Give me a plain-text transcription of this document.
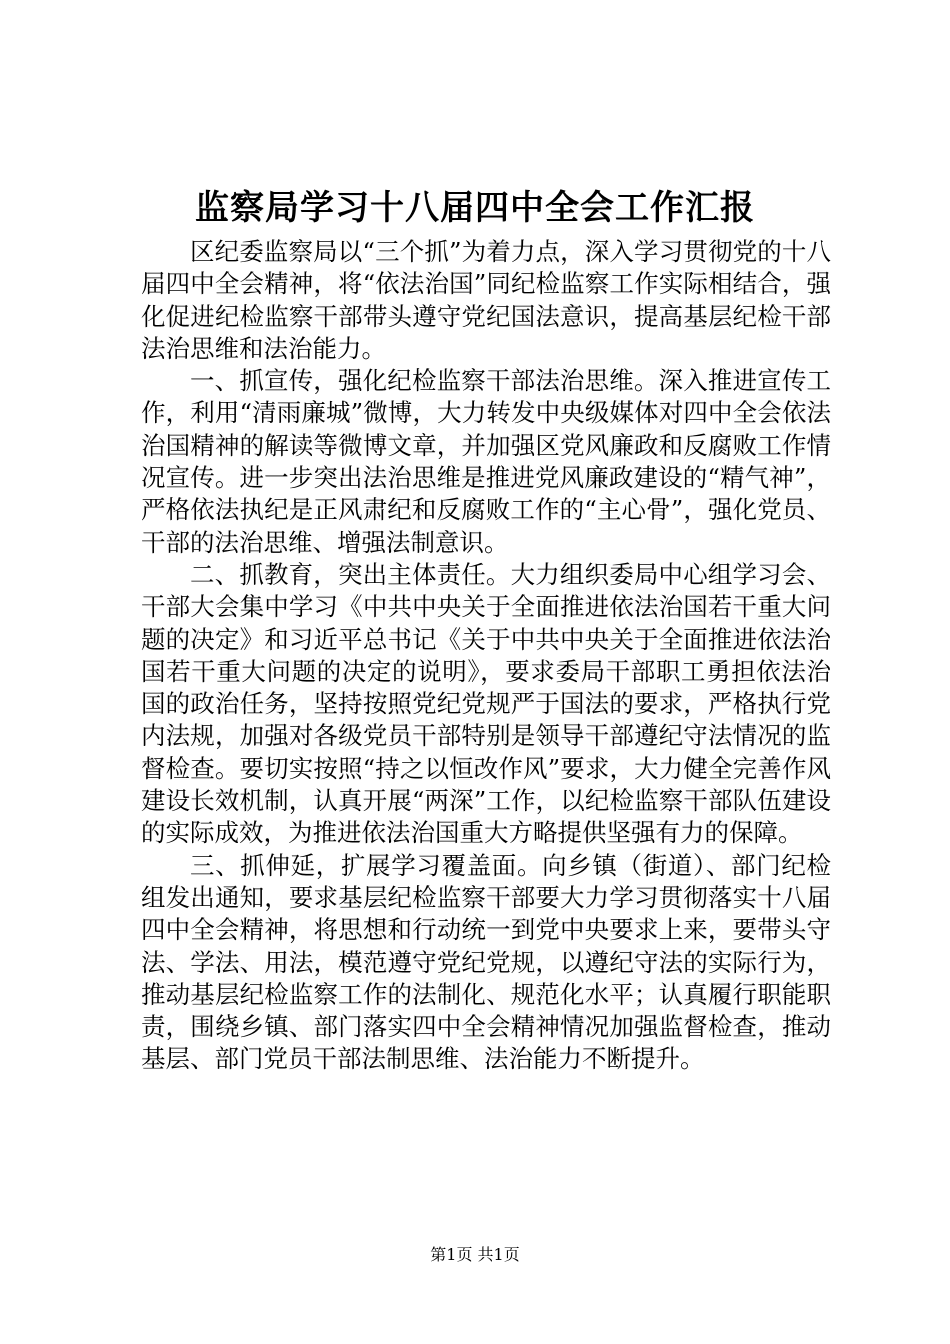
监察局学习十八届四中全会工作汇报

区纪委监察局以“三个抓”为着力点，深入学习贯彻党的十八届四中全会精神，将“依法治国”同纪检监察工作实际相结合，强化促进纪检监察干部带头遵守党纪国法意识，提高基层纪检干部法治思维和法治能力。

一、抓宣传，强化纪检监察干部法治思维。深入推进宣传工作，利用“清雨廉城”微博，大力转发中央级媒体对四中全会依法治国精神的解读等微博文章，并加强区党风廉政和反腐败工作情况宣传。进一步突出法治思维是推进党风廉政建设的“精气神”，严格依法执纪是正风肃纪和反腐败工作的“主心骨”，强化党员、干部的法治思维、增强法制意识。

二、抓教育，突出主体责任。大力组织委局中心组学习会、干部大会集中学习《中共中央关于全面推进依法治国若干重大问题的决定》和习近平总书记《关于中共中央关于全面推进依法治国若干重大问题的决定的说明》，要求委局干部职工勇担依法治国的政治任务，坚持按照党纪党规严于国法的要求，严格执行党内法规，加强对各级党员干部特别是领导干部遵纪守法情况的监督检查。要切实按照“持之以恒改作风”要求，大力健全完善作风建设长效机制，认真开展“两深”工作，以纪检监察干部队伍建设的实际成效，为推进依法治国重大方略提供坚强有力的保障。

三、抓伸延，扩展学习覆盖面。向乡镇（街道）、部门纪检组发出通知，要求基层纪检监察干部要大力学习贯彻落实十八届四中全会精神，将思想和行动统一到党中央要求上来，要带头守法、学法、用法，模范遵守党纪党规，以遵纪守法的实际行为，推动基层纪检监察工作的法制化、规范化水平；认真履行职能职责，围绕乡镇、部门落实四中全会精神情况加强监督检查，推动基层、部门党员干部法制思维、法治能力不断提升。

第1页 共1页
